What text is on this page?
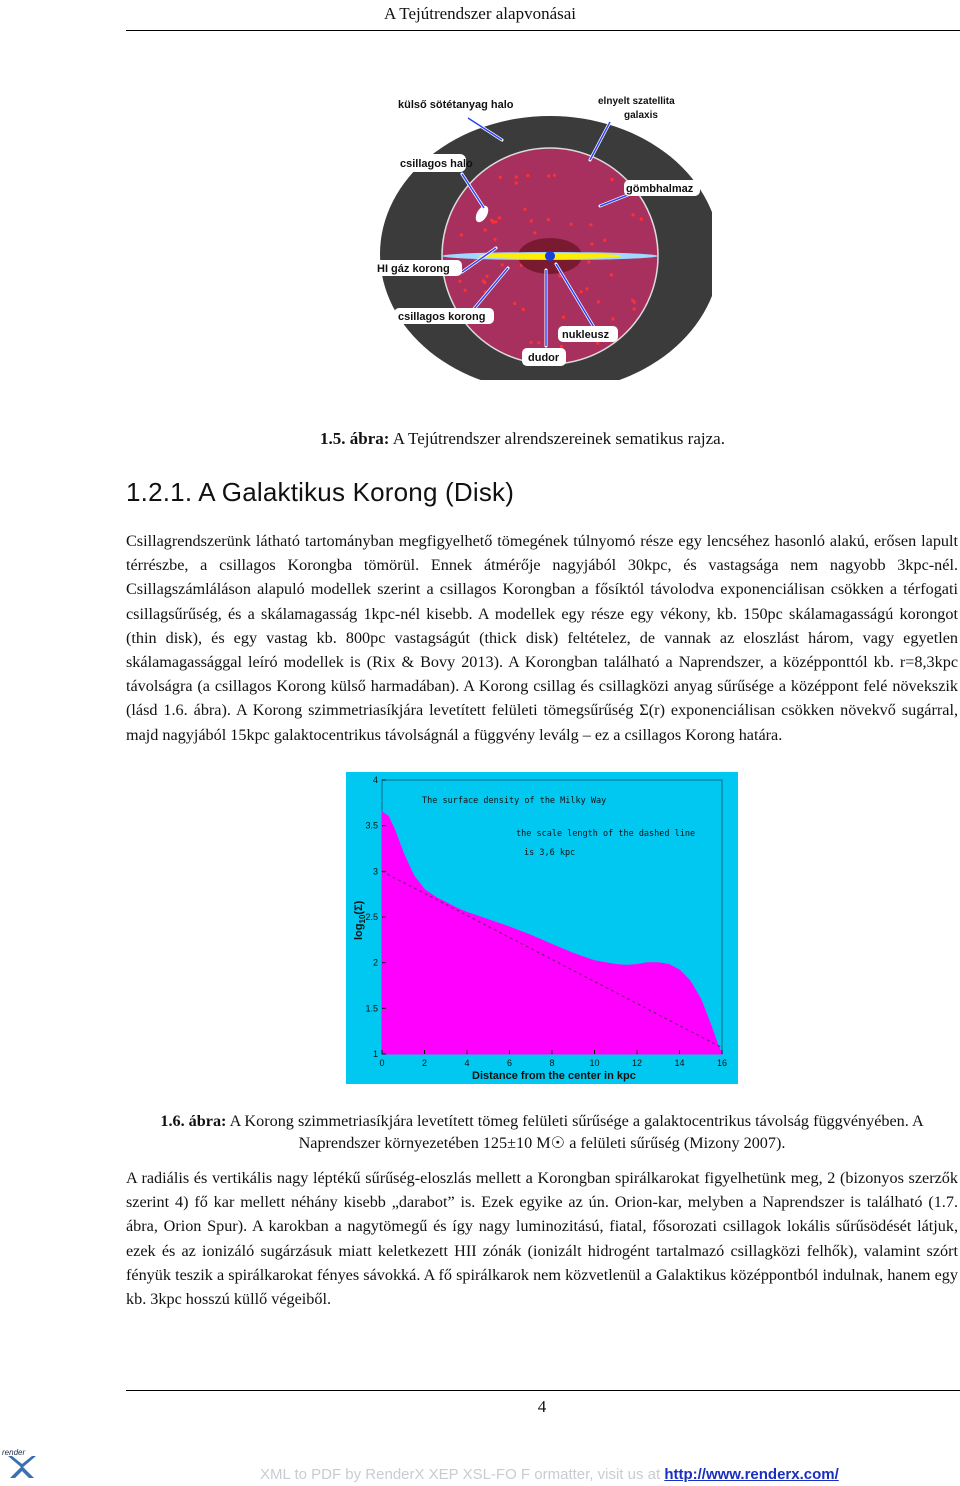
A Tejútrendszer alapvonásai
külső sötétanyag halo	elnyelt szatellita
galaxis
csillagos halo
gömbhalmaz
HI gáz korong
csillagos korong
nukleusz
dudor
1.5. ábra: A Tejútrendszer alrendszereinek sematikus rajza.
1.2.1. A Galaktikus Korong (Disk)
Csillagrendszerünk látható tartományban megfigyelhető tömegének túlnyomó része egy lencséhez hasonló alakú, erősen lapult térrészbe, a csillagos Korongba tömörül. Ennek átmérője nagyjából 30kpc, és vastagsága nem nagyobb 3kpc-nél. Csillagszámláláson alapuló modellek szerint a csillagos Korongban a fősíktól távolodva exponenciálisan csökken a térfogati csillagsűrűség, és a skálamagasság 1kpc-nél kisebb. A modellek egy része egy vékony, kb. 150pc skálamagasságú korongot (thin disk), és egy vastag kb. 800pc vastagságút (thick disk) feltételez, de vannak az eloszlást három, vagy egyetlen skálamagassággal leíró modellek is (Rix & Bovy 2013). A Korongban található a Naprendszer, a középponttól kb. r=8,3kpc távolságra (a csillagos Korong külső harmadában). A Korong csillag és csillagközi anyag sűrűsége a középpont felé növekszik (lásd 1.6. ábra). A Korong szimmetriasíkjára levetített felületi tömegsűrűség Σ(r) exponenciálisan csökken növekvő sugárral, majd nagyjából 15kpc galaktocentrikus távolságnál a függvény leválg – ez a csillagos Korong határa.
0	2	4	6	8	10	12	14	16
1
1.5
2
2.5
3
3.5
4
The surface density of the Milky Way
the scale length of the dashed line
is 3,6 kpc
Distance from the center in kpc
$\log_{10}(\Sigma)$
1.6. ábra: A Korong szimmetriasíkjára levetített tömeg felületi sűrűsége a galaktocentrikus távolság függvényében. A Naprendszer környezetében 125±10 M☉ a felületi sűrűség (Mizony 2007).
A radiális és vertikális nagy léptékű sűrűség-eloszlás mellett a Korongban spirálkarokat figyelhetünk meg, 2 (bizonyos szerzők szerint 4) fő kar mellett néhány kisebb „darabot” is. Ezek egyike az ún. Orion-kar, melyben a Naprendszer is található (1.7. ábra, Orion Spur). A karokban a nagytömegű és így nagy luminozitású, fiatal, fősorozati csillagok lokális sűrűsödését látjuk, ezek és az ionizáló sugárzásuk miatt keletkezett HII zónák (ionizált hidrogént tartalmazó csillagközi felhők), valamint szórt fényük teszik a spirálkarokat fényes sávokká. A fő spirálkarok nem közvetlenül a Galaktikus középpontból indulnak, hanem egy kb. 3kpc hosszú küllő végeiből.
4
render
XML to PDF by RenderX XEP XSL-FO F ormatter, visit us at http://www.renderx.com/
